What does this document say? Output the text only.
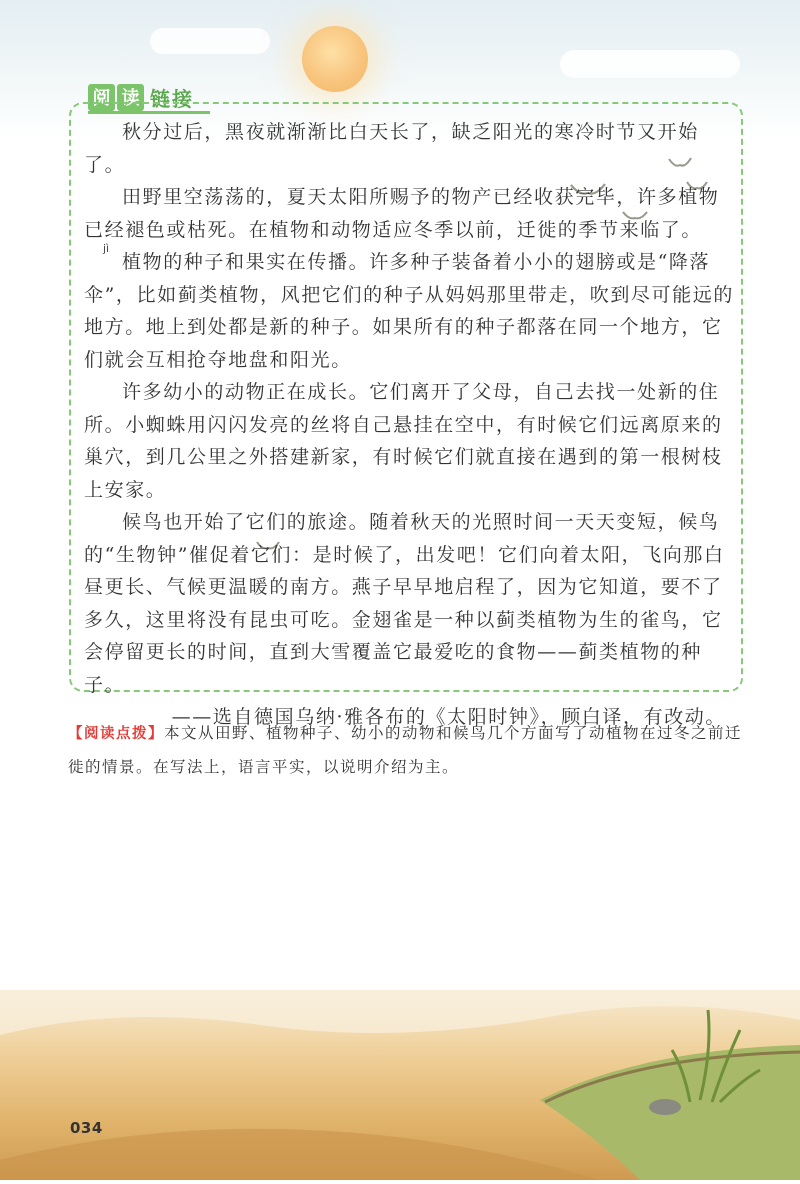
阅 读 链接
jì

秋分过后，黑夜就渐渐比白天长了，缺乏阳光的寒冷时节又开始了。

田野里空荡荡的，夏天太阳所赐予的物产已经收获完毕，许多植物已经褪色或枯死。在植物和动物适应冬季以前，迁徙的季节来临了。

植物的种子和果实在传播。许多种子装备着小小的翅膀或是“降落伞”，比如蓟类植物，风把它们的种子从妈妈那里带走，吹到尽可能远的地方。地上到处都是新的种子。如果所有的种子都落在同一个地方，它们就会互相抢夺地盘和阳光。

许多幼小的动物正在成长。它们离开了父母，自己去找一处新的住所。小蜘蛛用闪闪发亮的丝将自己悬挂在空中，有时候它们远离原来的巢穴，到几公里之外搭建新家，有时候它们就直接在遇到的第一根树枝上安家。

候鸟也开始了它们的旅途。随着秋天的光照时间一天天变短，候鸟的“生物钟”催促着它们：是时候了，出发吧！它们向着太阳，飞向那白昼更长、气候更温暖的南方。燕子早早地启程了，因为它知道，要不了多久，这里将没有昆虫可吃。金翅雀是一种以蓟类植物为生的雀鸟，它会停留更长的时间，直到大雪覆盖它最爱吃的食物——蓟类植物的种子。

——选自德国乌纳·雅各布的《太阳时钟》，顾白译，有改动。

【阅读点拨】本文从田野、植物种子、幼小的动物和候鸟几个方面写了动植物在过冬之前迁徙的情景。在写法上，语言平实，以说明介绍为主。
034
